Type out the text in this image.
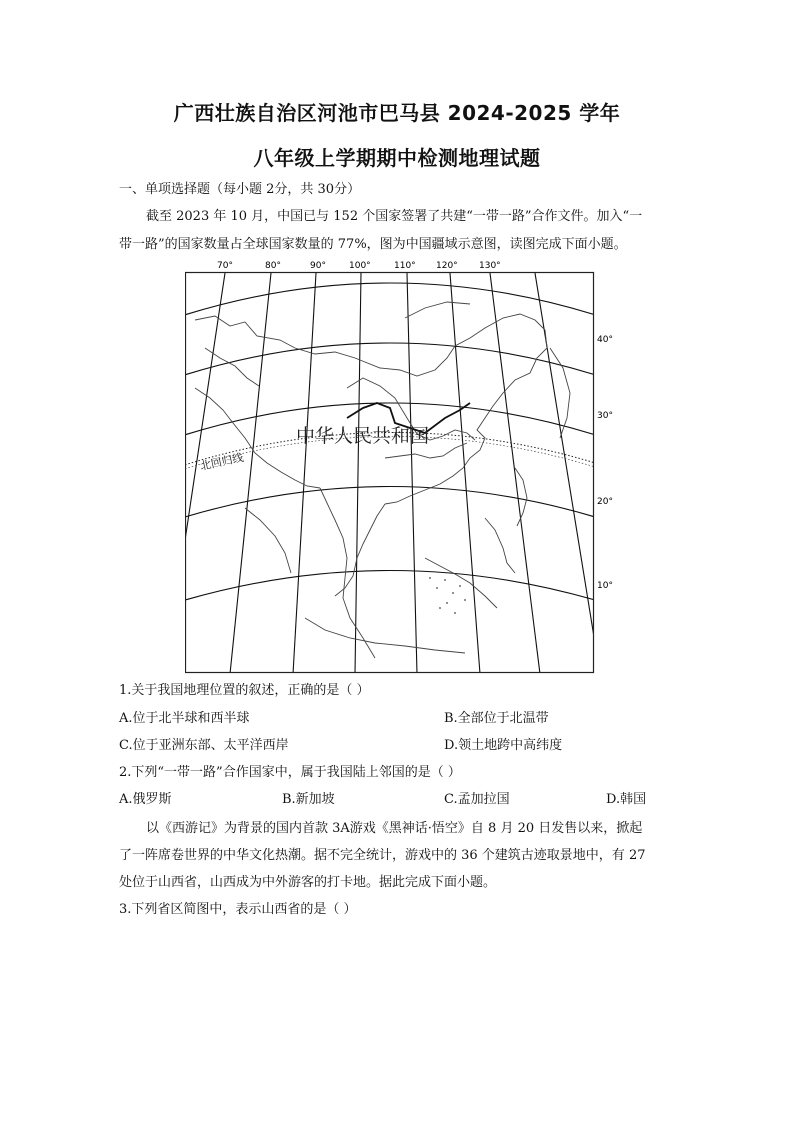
广西壮族自治区河池市巴马县 2024-2025 学年
八年级上学期期中检测地理试题
一、单项选择题（每小题 2分，共 30分）
截至 2023 年 10 月，中国已与 152 个国家签署了共建“一带一路”合作文件。加入“一
带一路”的国家数量占全球国家数量的 77%，图为中国疆域示意图，读图完成下面小题。
70°	80°	90°	100°	110° 120° 130°
40°
30°
20°
10°
中华人民共和国
北回归线
1.关于我国地理位置的叙述，正确的是（ ）
A.位于北半球和西半球	B.全部位于北温带
C.位于亚洲东部、太平洋西岸	D.领土地跨中高纬度
2.下列“一带一路”合作国家中，属于我国陆上邻国的是（ ）
A.俄罗斯	B.新加坡	C.孟加拉国	D.韩国
以《西游记》为背景的国内首款 3A游戏《黑神话·悟空》自 8 月 20 日发售以来，掀起
了一阵席卷世界的中华文化热潮。据不完全统计，游戏中的 36 个建筑古迹取景地中，有 27
处位于山西省，山西成为中外游客的打卡地。据此完成下面小题。
3.下列省区简图中，表示山西省的是（ ）
